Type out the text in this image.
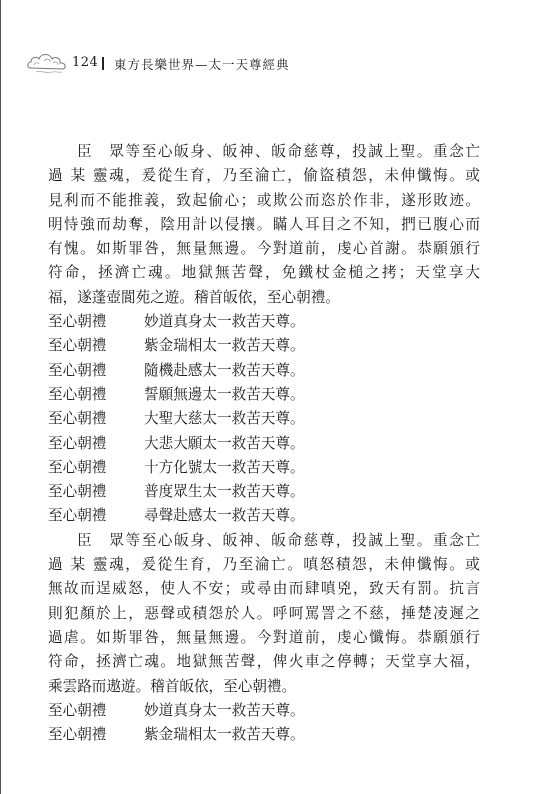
124 東方長樂世界—太一天尊經典
臣　眾等至心皈身、皈神、皈命慈尊，投誠上聖。重念亡
過 某 靈魂，爰從生育，乃至淪亡，偷盜積怨，未伸懺悔。或
見利而不能推義，致起偷心；或欺公而恣於作非，遂形敗迹。
明恃強而劫奪，陰用計以侵攘。瞞人耳目之不知，捫已腹心而
有愧。如斯罪咎，無量無邊。今對道前，虔心首謝。恭願頒行
符命，拯濟亡魂。地獄無苦聲，免鐵杖金槌之拷；天堂享大
福，遂蓬壺閬苑之遊。稽首皈依，至心朝禮。
至心朝禮	妙道真身太一救苦天尊。
至心朝禮	紫金瑞相太一救苦天尊。
至心朝禮	隨機赴感太一救苦天尊。
至心朝禮	誓願無邊太一救苦天尊。
至心朝禮	大聖大慈太一救苦天尊。
至心朝禮	大悲大願太一救苦天尊。
至心朝禮	十方化號太一救苦天尊。
至心朝禮	普度眾生太一救苦天尊。
至心朝禮	尋聲赴感太一救苦天尊。
臣　眾等至心皈身、皈神、皈命慈尊，投誠上聖。重念亡
過 某 靈魂，爰從生育，乃至淪亡。嗔怒積怨，未伸懺悔。或
無故而逞威怒，使人不安；或尋由而肆嗔兇，致天有罰。抗言
則犯顏於上，惡聲或積怨於人。呼呵罵詈之不慈，捶楚凌遲之
過虐。如斯罪咎，無量無邊。今對道前，虔心懺悔。恭願頒行
符命，拯濟亡魂。地獄無苦聲，俾火車之停轉；天堂享大福，
乘雲路而遨遊。稽首皈依，至心朝禮。
至心朝禮	妙道真身太一救苦天尊。
至心朝禮	紫金瑞相太一救苦天尊。
